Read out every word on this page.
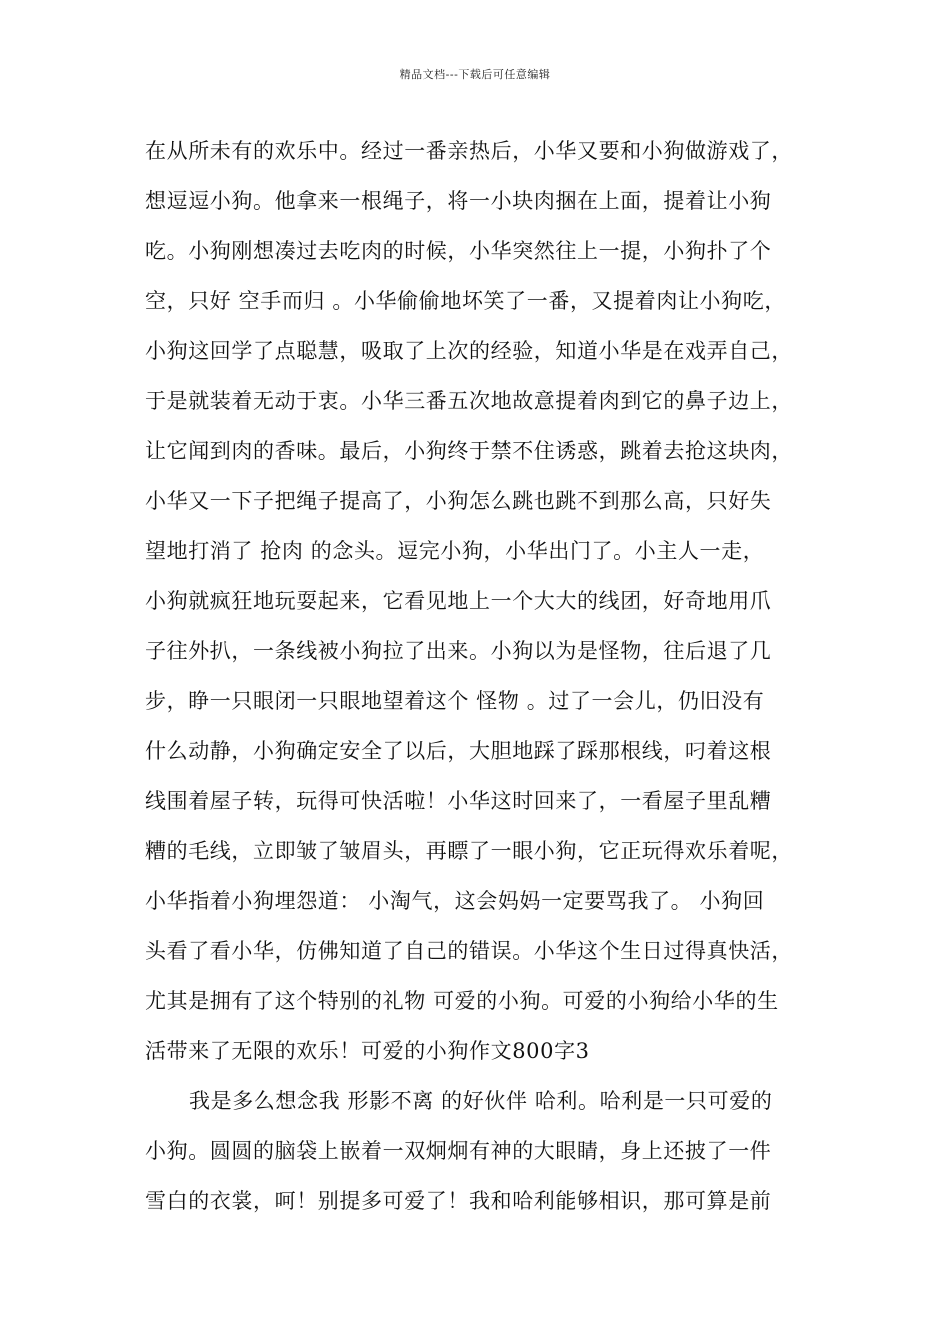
精品文档---下载后可任意编辑
在从所未有的欢乐中。经过一番亲热后，小华又要和小狗做游戏了，
想逗逗小狗。他拿来一根绳子，将一小块肉捆在上面，提着让小狗
吃。小狗刚想凑过去吃肉的时候，小华突然往上一提，小狗扑了个
空，只好 空手而归 。小华偷偷地坏笑了一番，又提着肉让小狗吃，
小狗这回学了点聪慧，吸取了上次的经验，知道小华是在戏弄自己，
于是就装着无动于衷。小华三番五次地故意提着肉到它的鼻子边上，
让它闻到肉的香味。最后，小狗终于禁不住诱惑，跳着去抢这块肉，
小华又一下子把绳子提高了，小狗怎么跳也跳不到那么高，只好失
望地打消了 抢肉 的念头。逗完小狗，小华出门了。小主人一走，
小狗就疯狂地玩耍起来，它看见地上一个大大的线团，好奇地用爪
子往外扒，一条线被小狗拉了出来。小狗以为是怪物，往后退了几
步，睁一只眼闭一只眼地望着这个 怪物 。过了一会儿，仍旧没有
什么动静，小狗确定安全了以后，大胆地踩了踩那根线，叼着这根
线围着屋子转，玩得可快活啦！小华这时回来了，一看屋子里乱糟
糟的毛线，立即皱了皱眉头，再瞟了一眼小狗，它正玩得欢乐着呢，
小华指着小狗埋怨道： 小淘气，这会妈妈一定要骂我了。 小狗回
头看了看小华，仿佛知道了自己的错误。小华这个生日过得真快活，
尤其是拥有了这个特别的礼物 可爱的小狗。可爱的小狗给小华的生
活带来了无限的欢乐！可爱的小狗作文800字3
我是多么想念我 形影不离 的好伙伴 哈利。哈利是一只可爱的
小狗。圆圆的脑袋上嵌着一双炯炯有神的大眼睛，身上还披了一件
雪白的衣裳，呵！别提多可爱了！我和哈利能够相识，那可算是前
